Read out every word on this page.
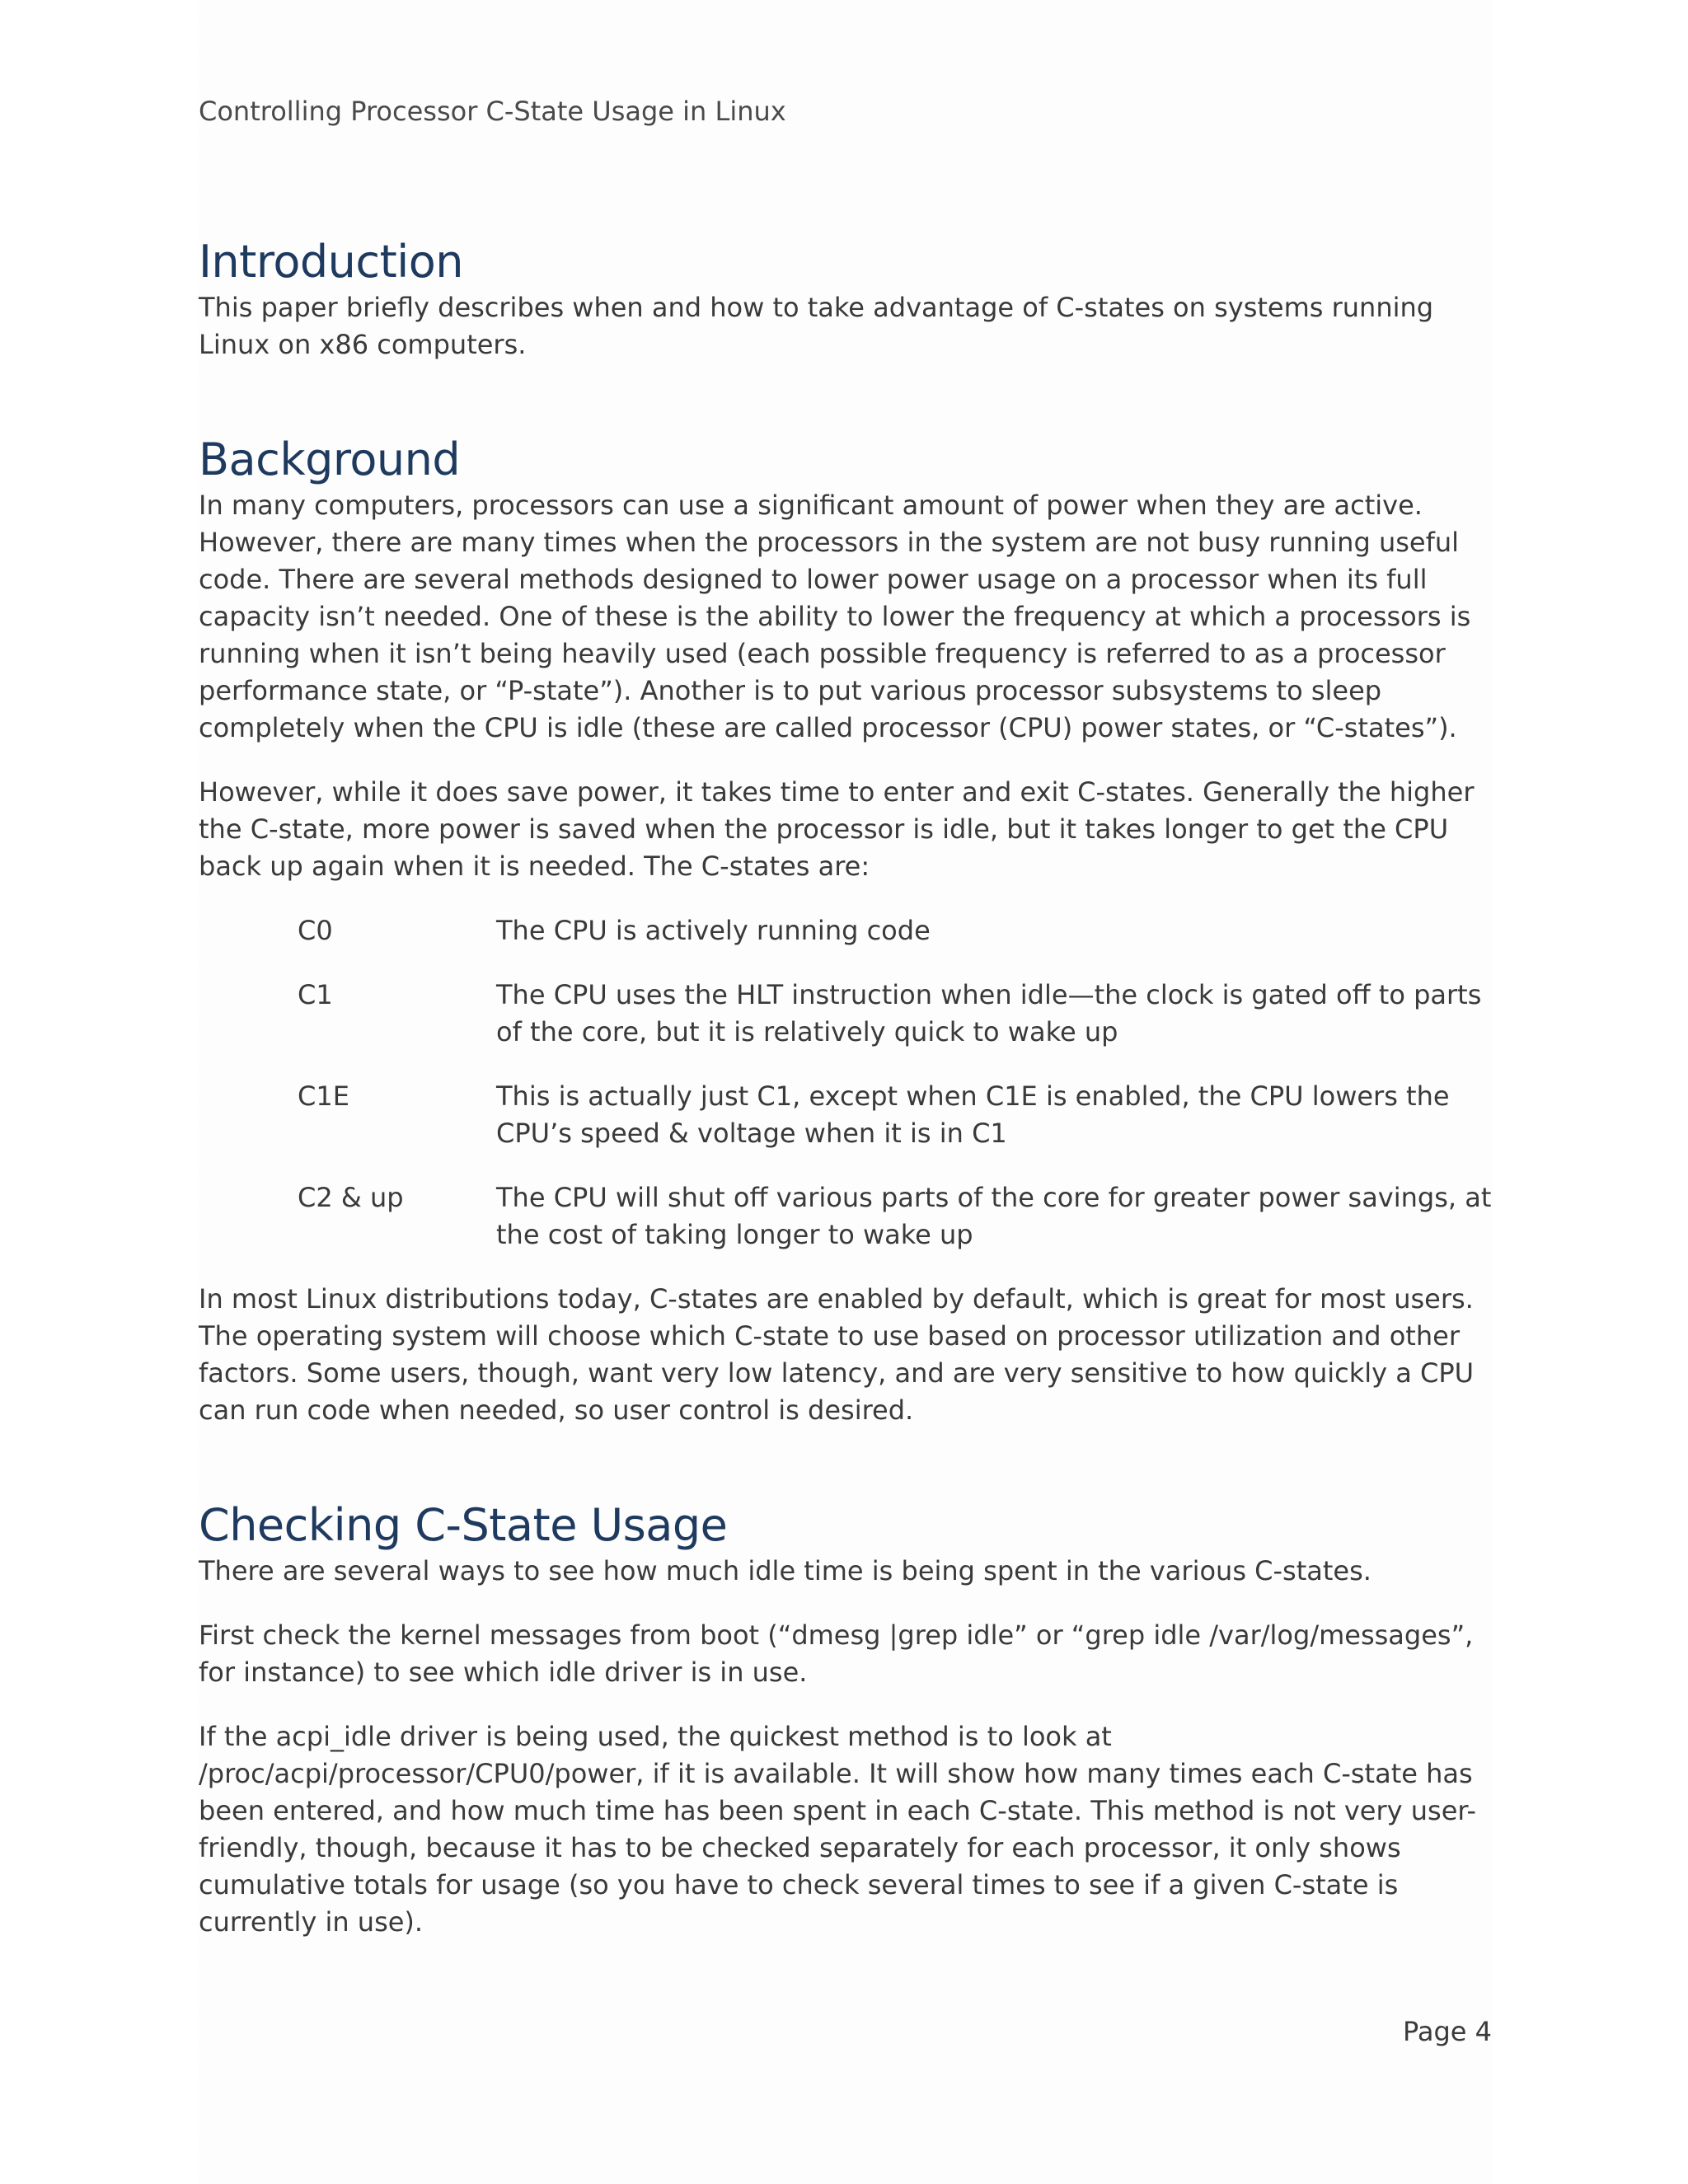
Controlling Processor C-State Usage in Linux
Introduction

This paper briefly describes when and how to take advantage of C-states on systems running Linux on x86 computers.

Background

In many computers, processors can use a significant amount of power when they are active. However, there are many times when the processors in the system are not busy running useful code. There are several methods designed to lower power usage on a processor when its full capacity isn’t needed. One of these is the ability to lower the frequency at which a processors is running when it isn’t being heavily used (each possible frequency is referred to as a processor performance state, or “P-state”). Another is to put various processor subsystems to sleep completely when the CPU is idle (these are called processor (CPU) power states, or “C-states”).

However, while it does save power, it takes time to enter and exit C-states. Generally the higher the C-state, more power is saved when the processor is idle, but it takes longer to get the CPU back up again when it is needed. The C-states are:

C0	The CPU is actively running code
C1	The CPU uses the HLT instruction when idle—the clock is gated off to parts of the core, but it is relatively quick to wake up
C1E	This is actually just C1, except when C1E is enabled, the CPU lowers the CPU’s speed & voltage when it is in C1
C2 & up	The CPU will shut off various parts of the core for greater power savings, at the cost of taking longer to wake up

In most Linux distributions today, C-states are enabled by default, which is great for most users. The operating system will choose which C-state to use based on processor utilization and other factors. Some users, though, want very low latency, and are very sensitive to how quickly a CPU can run code when needed, so user control is desired.

Checking C-State Usage

There are several ways to see how much idle time is being spent in the various C-states.

First check the kernel messages from boot (“dmesg |grep idle” or “grep idle /var/log/messages”, for instance) to see which idle driver is in use.

If the acpi_idle driver is being used, the quickest method is to look at /proc/acpi/processor/CPU0/power, if it is available. It will show how many times each C-state has been entered, and how much time has been spent in each C-state. This method is not very user-friendly, though, because it has to be checked separately for each processor, it only shows cumulative totals for usage (so you have to check several times to see if a given C-state is currently in use).

Page 4
